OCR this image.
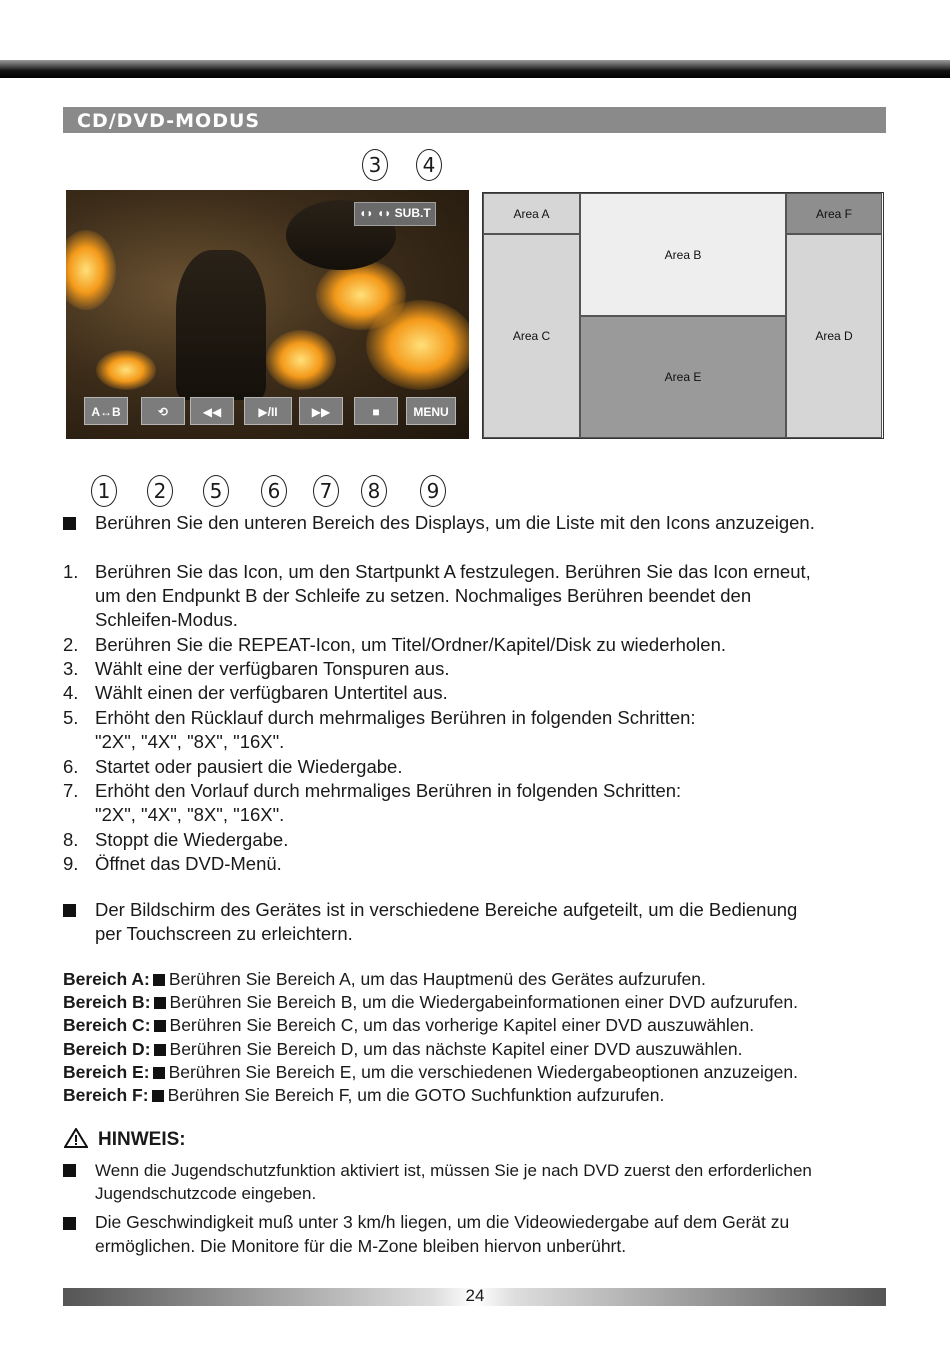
CD/DVD-MODUS
3	4
◖◗ ◖◗ SUB.T
A↔B	⟲	◀◀	▶/II	▶▶	■	MENU
Area A
Area C
Area B
Area E
Area F
Area D
1	2	5	6	7	8	9
Berühren Sie den unteren Bereich des Displays, um die Liste mit den Icons anzuzeigen.
1. Berühren Sie das Icon, um den Startpunkt A festzulegen. Berühren Sie das Icon erneut,
um den Endpunkt B der Schleife zu setzen. Nochmaliges Berühren beendet den
Schleifen-Modus.
2. Berühren Sie die REPEAT-Icon, um Titel/Ordner/Kapitel/Disk zu wiederholen.
3. Wählt eine der verfügbaren Tonspuren aus.
4. Wählt einen der verfügbaren Untertitel aus.
5. Erhöht den Rücklauf durch mehrmaliges Berühren in folgenden Schritten:
"2X", "4X", "8X", "16X".
6. Startet oder pausiert die Wiedergabe.
7. Erhöht den Vorlauf durch mehrmaliges Berühren in folgenden Schritten:
"2X", "4X", "8X", "16X".
8. Stoppt die Wiedergabe.
9. Öffnet das DVD-Menü.
Der Bildschirm des Gerätes ist in verschiedene Bereiche aufgeteilt, um die Bedienung
per Touchscreen zu erleichtern.
Bereich A: Berühren Sie Bereich A, um das Hauptmenü des Gerätes aufzurufen.
Bereich B: Berühren Sie Bereich B, um die Wiedergabeinformationen einer DVD aufzurufen.
Bereich C: Berühren Sie Bereich C, um das vorherige Kapitel einer DVD auszuwählen.
Bereich D: Berühren Sie Bereich D, um das nächste Kapitel einer DVD auszuwählen.
Bereich E: Berühren Sie Bereich E, um die verschiedenen Wiedergabeoptionen anzuzeigen.
Bereich F: Berühren Sie Bereich F, um die GOTO Suchfunktion aufzurufen.
HINWEIS:
Wenn die Jugendschutzfunktion aktiviert ist, müssen Sie je nach DVD zuerst den erforderlichen
Jugendschutzcode eingeben.
Die Geschwindigkeit muß unter 3 km/h liegen, um die Videowiedergabe auf dem Gerät zu
ermöglichen. Die Monitore für die M-Zone bleiben hiervon unberührt.
24
